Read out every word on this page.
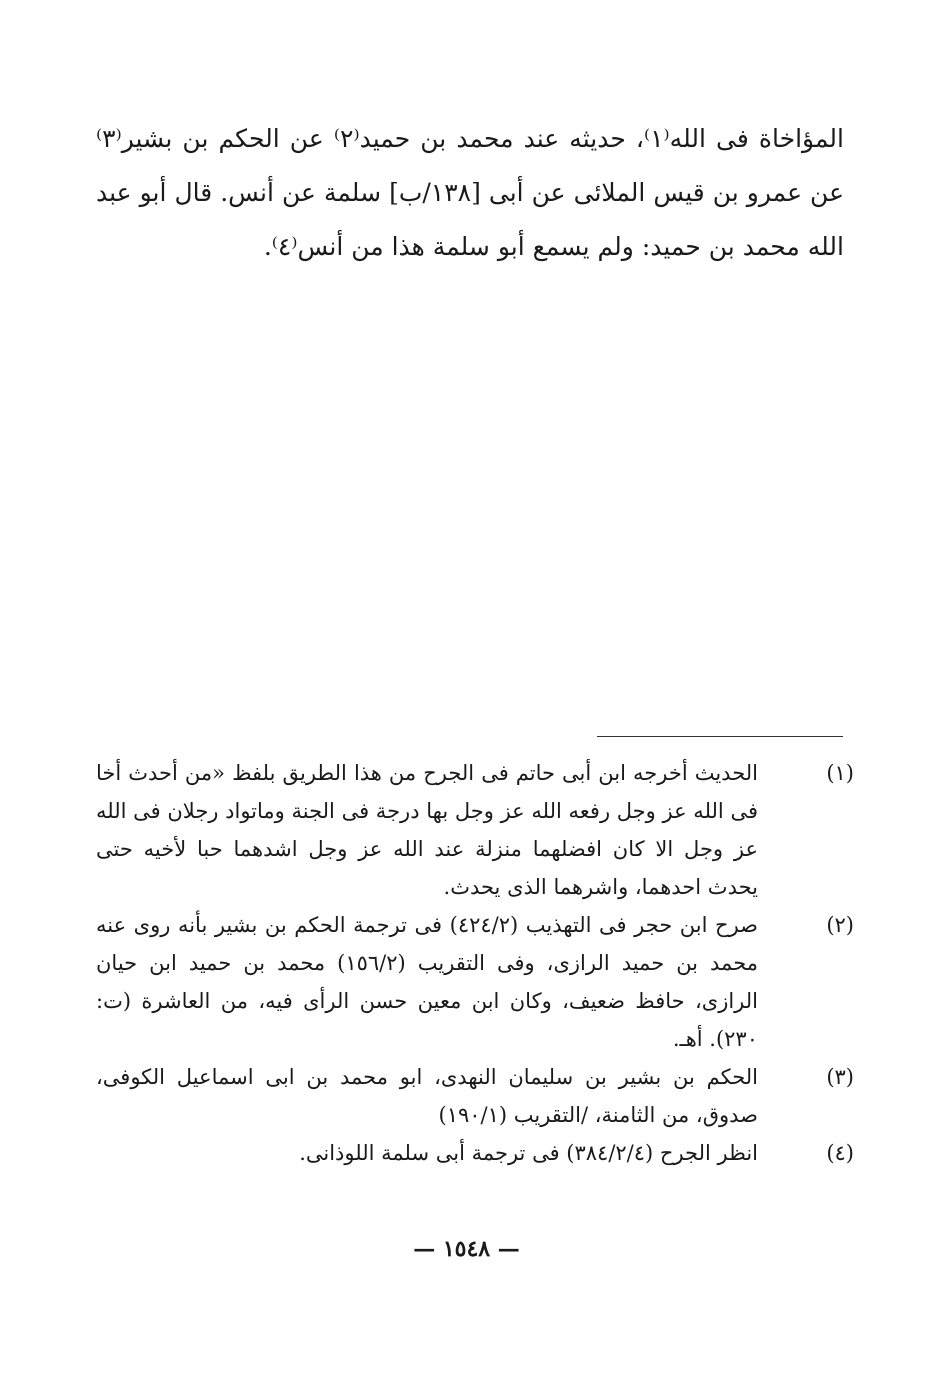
المؤاخاة فى الله⁽١⁾، حديثه عند محمد بن حميد⁽٢⁾ عن الحكم بن بشير⁽٣⁾ عن عمرو بن قيس الملائى عن أبى [١٣٨/ب] سلمة عن أنس. قال أبو عبد الله محمد بن حميد: ولم يسمع أبو سلمة هذا من أنس⁽٤⁾.

(١)
الحديث أخرجه ابن أبى حاتم فى الجرح من هذا الطريق بلفظ «من أحدث أخا فى الله عز وجل رفعه الله عز وجل بها درجة فى الجنة وماتواد رجلان فى الله عز وجل الا كان افضلهما منزلة عند الله عز وجل اشدهما حبا لأخيه حتى يحدث احدهما، واشرهما الذى يحدث.
(٢)
صرح ابن حجر فى التهذيب (٤٢٤/٢) فى ترجمة الحكم بن بشير بأنه روى عنه محمد بن حميد الرازى، وفى التقريب (١٥٦/٢) محمد بن حميد ابن حيان الرازى، حافظ ضعيف، وكان ابن معين حسن الرأى فيه، من العاشرة (ت: ٢٣٠). أهـ.
(٣)
الحكم بن بشير بن سليمان النهدى، ابو محمد بن ابى اسماعيل الكوفى، صدوق، من الثامنة، /التقريب (١٩٠/١)
(٤)
انظر الجرح (٣٨٤/٢/٤) فى ترجمة أبى سلمة اللوذانى.
— ١٥٤٨ —
